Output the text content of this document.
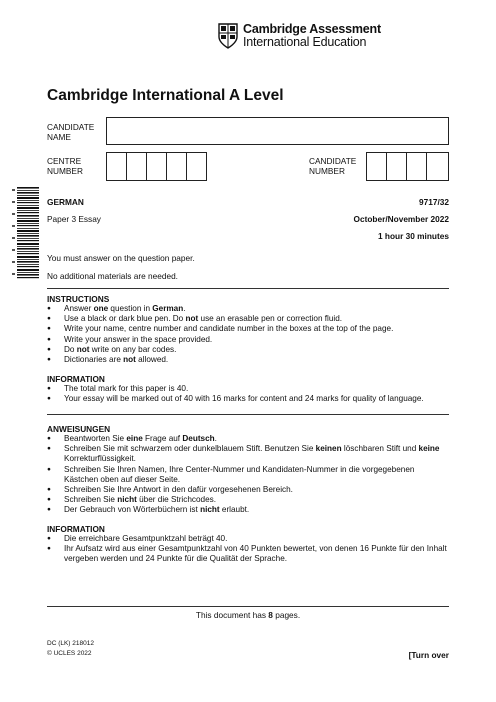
Cambridge Assessment
International Education
Cambridge International A Level
CANDIDATE NAME
CENTRE NUMBER
CANDIDATE NUMBER
GERMAN	9717/32
Paper 3 Essay	October/November 2022
1 hour 30 minutes
You must answer on the question paper.
No additional materials are needed.
INSTRUCTIONS
● Answer one question in German.
● Use a black or dark blue pen. Do not use an erasable pen or correction fluid.
● Write your name, centre number and candidate number in the boxes at the top of the page.
● Write your answer in the space provided.
● Do not write on any bar codes.
● Dictionaries are not allowed.
INFORMATION
● The total mark for this paper is 40.
● Your essay will be marked out of 40 with 16 marks for content and 24 marks for quality of language.
ANWEISUNGEN
● Beantworten Sie eine Frage auf Deutsch.
● Schreiben Sie mit schwarzem oder dunkelblauem Stift. Benutzen Sie keinen löschbaren Stift und keine Korrekturflüssigkeit.
● Schreiben Sie Ihren Namen, Ihre Center-Nummer und Kandidaten-Nummer in die vorgegebenen Kästchen oben auf dieser Seite.
● Schreiben Sie Ihre Antwort in den dafür vorgesehenen Bereich.
● Schreiben Sie nicht über die Strichcodes.
● Der Gebrauch von Wörterbüchern ist nicht erlaubt.
INFORMATION
● Die erreichbare Gesamtpunktzahl beträgt 40.
● Ihr Aufsatz wird aus einer Gesamtpunktzahl von 40 Punkten bewertet, von denen 16 Punkte für den Inhalt vergeben werden und 24 Punkte für die Qualität der Sprache.
This document has 8 pages.
DC (LK) 218012
© UCLES 2022	[Turn over
